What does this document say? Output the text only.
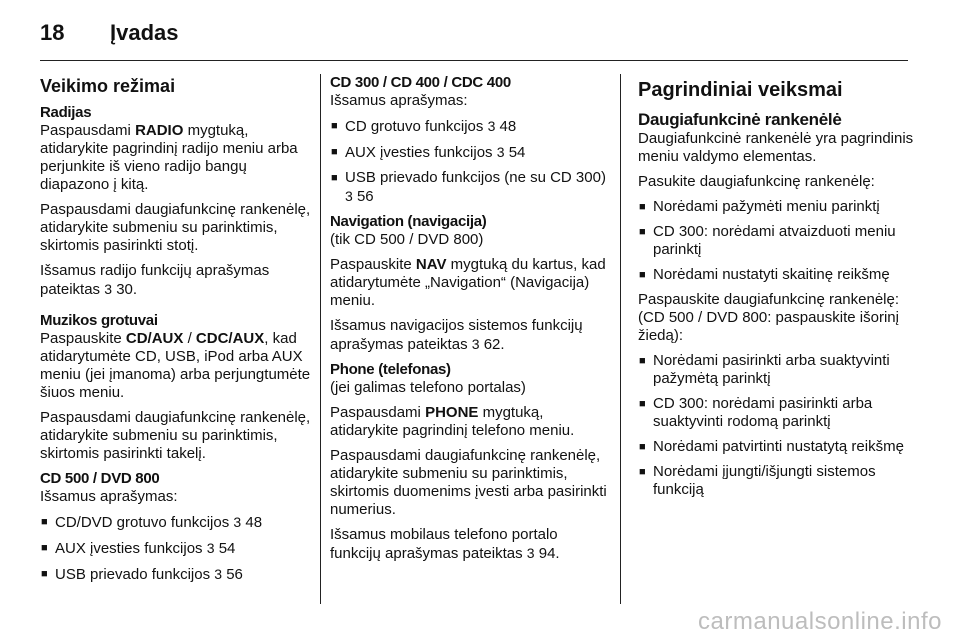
18 Įvadas
Veikimo režimai
Radijas

Paspausdami RADIO mygtuką, atidarykite pagrindinį radijo meniu arba perjunkite iš vieno radijo bangų diapazono į kitą.

Paspausdami daugiafunkcinę rankenėlę, atidarykite submeniu su parinktimis, skirtomis pasirinkti stotį.

Išsamus radijo funkcijų aprašymas pateiktas 3 30.

Muzikos grotuvai

Paspauskite CD/AUX / CDC/AUX, kad atidarytumėte CD, USB, iPod arba AUX meniu (jei įmanoma) arba perjungtumėte šiuos meniu.

Paspausdami daugiafunkcinę rankenėlę, atidarykite submeniu su parinktimis, skirtomis pasirinkti takelį.

CD 500 / DVD 800

Išsamus aprašymas:

■ CD/DVD grotuvo funkcijos 3 48
■ AUX įvesties funkcijos 3 54
■ USB prievado funkcijos 3 56
CD 300 / CD 400 / CDC 400

Išsamus aprašymas:

■ CD grotuvo funkcijos 3 48
■ AUX įvesties funkcijos 3 54
■ USB prievado funkcijos (ne su CD 300) 3 56
Navigation (navigacija)

(tik CD 500 / DVD 800)

Paspauskite NAV mygtuką du kartus, kad atidarytumėte „Navigation“ (Navigacija) meniu.

Išsamus navigacijos sistemos funkcijų aprašymas pateiktas 3 62.

Phone (telefonas)

(jei galimas telefono portalas)

Paspausdami PHONE mygtuką, atidarykite pagrindinį telefono meniu.

Paspausdami daugiafunkcinę rankenėlę, atidarykite submeniu su parinktimis, skirtomis duomenims įvesti arba pasirinkti numerius.

Išsamus mobilaus telefono portalo funkcijų aprašymas pateiktas 3 94.

Pagrindiniai veiksmai
Daugiafunkcinė rankenėlė

Daugiafunkcinė rankenėlė yra pagrindinis meniu valdymo elementas.

Pasukite daugiafunkcinę rankenėlę:

■ Norėdami pažymėti meniu parinktį
■ CD 300: norėdami atvaizduoti meniu parinktį
■ Norėdami nustatyti skaitinę reikšmę

Paspauskite daugiafunkcinę rankenėlę: (CD 500 / DVD 800: paspauskite išorinį žiedą):

■ Norėdami pasirinkti arba suaktyvinti pažymėtą parinktį
■ CD 300: norėdami pasirinkti arba suaktyvinti rodomą parinktį
■ Norėdami patvirtinti nustatytą reikšmę
■ Norėdami įjungti/išjungti sistemos funkciją
carmanualsonline.info
